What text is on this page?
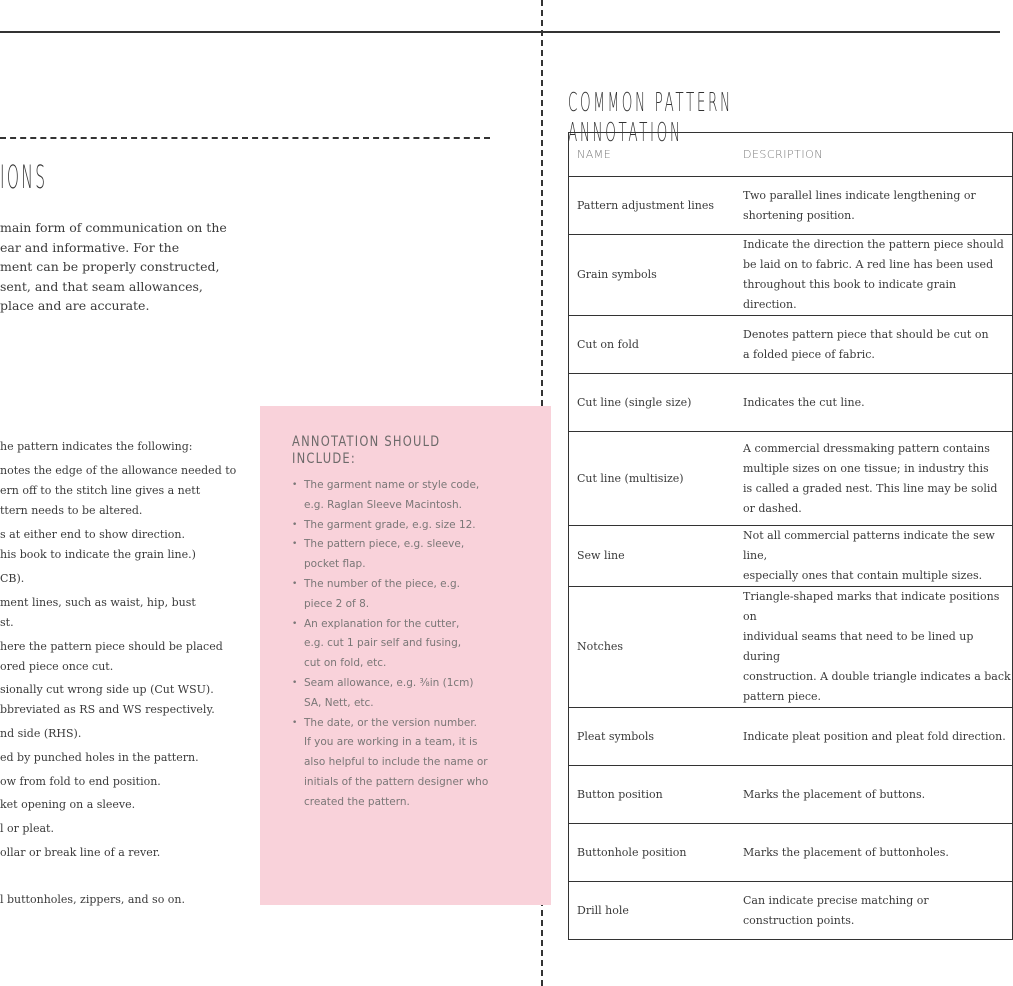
IONS
main form of communication on the
ear and informative. For the
ment can be properly constructed,
sent, and that seam allowances,
place and are accurate.
he pattern indicates the following:
notes the edge of the allowance needed to
ern off to the stitch line gives a nett
ttern needs to be altered.
s at either end to show direction.
his book to indicate the grain line.)
CB).
ment lines, such as waist, hip, bust
st.
here the pattern piece should be placed
ored piece once cut.
sionally cut wrong side up (Cut WSU).
bbreviated as RS and WS respectively.
nd side (RHS).
ed by punched holes in the pattern.
ow from fold to end position.
ket opening on a sleeve.
l or pleat.
ollar or break line of a rever.
l buttonholes, zippers, and so on.
ANNOTATION SHOULD
INCLUDE:
• The garment name or style code,
e.g. Raglan Sleeve Macintosh.
• The garment grade, e.g. size 12.
• The pattern piece, e.g. sleeve,
pocket flap.
• The number of the piece, e.g.
piece 2 of 8.
• An explanation for the cutter,
e.g. cut 1 pair self and fusing,
cut on fold, etc.
• Seam allowance, e.g. ⅜in (1cm)
SA, Nett, etc.
• The date, or the version number.
If you are working in a team, it is
also helpful to include the name or
initials of the pattern designer who
created the pattern.
COMMON PATTERN ANNOTATION
NAME	DESCRIPTION
Pattern adjustment lines	Two parallel lines indicate lengthening or
shortening position.
Grain symbols	Indicate the direction the pattern piece should
be laid on to fabric. A red line has been used
throughout this book to indicate grain direction.
Cut on fold	Denotes pattern piece that should be cut on
a folded piece of fabric.
Cut line (single size)	Indicates the cut line.
Cut line (multisize)	A commercial dressmaking pattern contains
multiple sizes on one tissue; in industry this
is called a graded nest. This line may be solid
or dashed.
Sew line	Not all commercial patterns indicate the sew line,
especially ones that contain multiple sizes.
Notches	Triangle-shaped marks that indicate positions on
individual seams that need to be lined up during
construction. A double triangle indicates a back
pattern piece.
Pleat symbols	Indicate pleat position and pleat fold direction.
Button position	Marks the placement of buttons.
Buttonhole position	Marks the placement of buttonholes.
Drill hole	Can indicate precise matching or
construction points.
